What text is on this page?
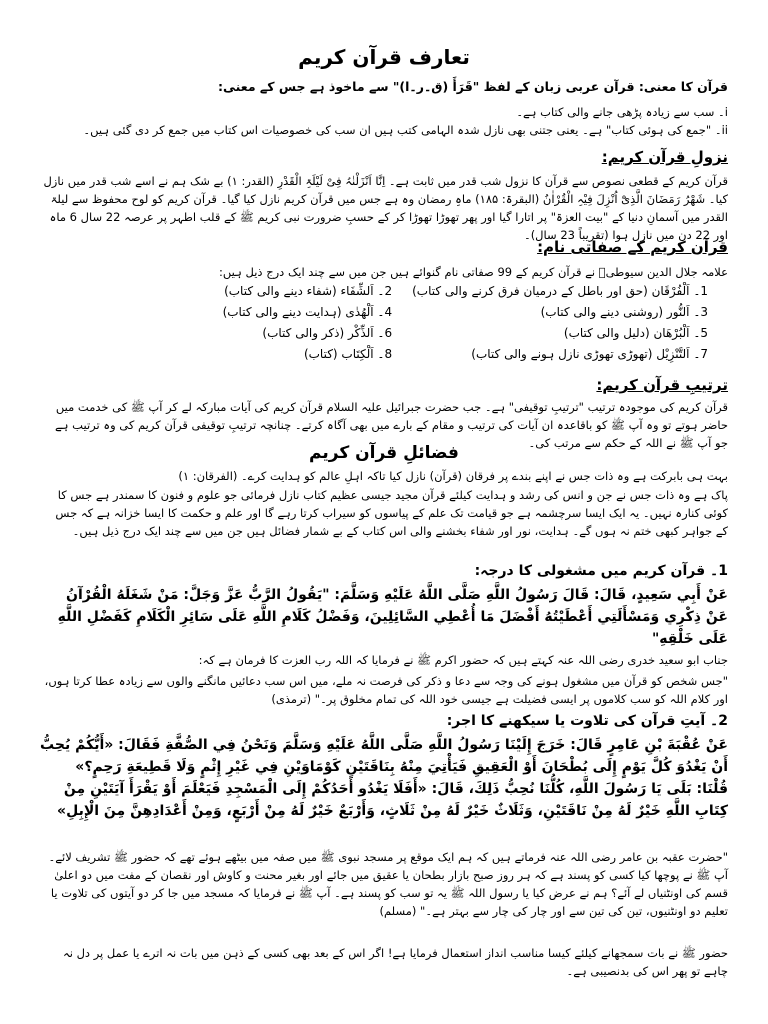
تعارف قرآن کریم
قرآن کا معنی: قرآن عربی زبان کے لفظ "قَرَأَ (ق۔ر۔ا)" سے ماخوذ ہے جس کے معنی:
i۔ سب سے زیادہ پڑھی جانے والی کتاب ہے۔
ii۔ "جمع کی ہوئی کتاب" ہے۔ یعنی جتنی بھی نازل شدہ الہامی کتب ہیں ان سب کی خصوصیات اس کتاب میں جمع کر دی گئی ہیں۔
نزولِ قرآن کریم:
قرآن کریم کے قطعی نصوص سے قرآن کا نزول شب قدر میں ثابت ہے۔ اِنَّا اَنْزَلْنٰہُ فِیْ لَیْلَۃِ الْقَدْرِ (القدر: ۱) بے شک ہم نے اسے شب قدر میں نازل کیا۔ شَھْرُ رَمَضَانَ الَّذِیْٓ اُنْزِلَ فِیْہِ الْقُرْاٰنُ (البقرۃ: ۱۸۵) ماہِ رمضان وہ ہے جس میں قرآن کریم نازل کیا گیا۔ قرآن کریم کو لوح محفوظ سے لیلۃ القدر میں آسمانِ دنیا کے "بیت العزۃ" پر اتارا گیا اور پھر تھوڑا تھوڑا کر کے حسبِ ضرورت نبی کریم ﷺ کے قلب اطہر پر عرصہ 22 سال 6 ماہ اور 22 دن میں نازل ہوا (تقریباً 23 سال)۔
قرآن کریم کے صفاتی نام:
علامہ جلال الدین سیوطیؒ نے قرآن کریم کے 99 صفاتی نام گنوائے ہیں جن میں سے چند ایک درج ذیل ہیں:
1۔ اَلْفُرْقَان (حق اور باطل کے درمیان فرق کرنے والی کتاب)
2۔ اَلشِّفَاء (شفاء دینے والی کتاب)
3۔ اَلنُّور (روشنی دینے والی کتاب)
4۔ اَلْھُدٰی (ہدایت دینے والی کتاب)
5۔ اَلْبُرْھَان (دلیل والی کتاب)
6۔ اَلذِّکْر (ذکر والی کتاب)
7۔ اَلتَّنْزِیْل (تھوڑی تھوڑی نازل ہونے والی کتاب)
8۔ اَلْکِتَاب (کتاب)
ترتیبِ قرآن کریم:
قرآن کریم کی موجودہ ترتیب "ترتیبِ توقیفی" ہے۔ جب حضرت جبرائیل علیہ السلام قرآن کریم کی آیات مبارکہ لے کر آپ ﷺ کی خدمت میں حاضر ہوتے تو وہ آپ ﷺ کو باقاعدہ ان آیات کی ترتیب و مقام کے بارے میں بھی آگاہ کرتے۔ چنانچہ ترتیبِ توقیفی قرآن کریم کی وہ ترتیب ہے جو آپ ﷺ نے اللہ کے حکم سے مرتب کی۔
فضائلِ قرآن کریم
بہت ہی بابرکت ہے وہ ذات جس نے اپنے بندے پر فرقان (قرآن) نازل کیا تاکہ اہلِ عالم کو ہدایت کرے۔ (الفرقان: ۱)
پاک ہے وہ ذات جس نے جن و انس کی رشد و ہدایت کیلئے قرآن مجید جیسی عظیم کتاب نازل فرمائی جو علوم و فنون کا سمندر ہے جس کا کوئی کنارہ نہیں۔ یہ ایک ایسا سرچشمہ ہے جو قیامت تک علم کے پیاسوں کو سیراب کرتا رہے گا اور علم و حکمت کا ایسا خزانہ ہے کہ جس کے جواہر کبھی ختم نہ ہوں گے۔ ہدایت، نور اور شفاء بخشنے والی اس کتاب کے بے شمار فضائل ہیں جن میں سے چند ایک درج ذیل ہیں۔
1۔ قرآن کریم میں مشغولی کا درجہ:
عَنْ أَبِي سَعِيدٍ، قَالَ: قَالَ رَسُولُ اللَّهِ صَلَّى اللَّهُ عَلَيْهِ وَسَلَّمَ: "يَقُولُ الرَّبُّ عَزَّ وَجَلَّ: مَنْ شَغَلَهُ الْقُرْآنُ عَنْ ذِكْرِي وَمَسْأَلَتِي أَعْطَيْتُهُ أَفْضَلَ مَا أُعْطِي السَّائِلِينَ، وَفَضْلُ كَلَامِ اللَّهِ عَلَى سَائِرِ الْكَلَامِ كَفَضْلِ اللَّهِ عَلَى خَلْقِهِ"
جناب ابو سعید خدری رضی اللہ عنہ کہتے ہیں کہ حضور اکرم ﷺ نے فرمایا کہ اللہ رب العزت کا فرمان ہے کہ:
"جس شخص کو قرآن میں مشغول ہونے کی وجہ سے دعا و ذکر کی فرصت نہ ملے، میں اس سب دعائیں مانگنے والوں سے زیادہ عطا کرتا ہوں، اور کلام اللہ کو سب کلاموں پر ایسی فضیلت ہے جیسی خود اللہ کی تمام مخلوق پر۔" (ترمذی)
2۔ آیتِ قرآن کی تلاوت یا سیکھنے کا اجر:
عَنْ عُقْبَةَ بْنِ عَامِرٍ قَالَ: خَرَجَ إِلَيْنَا رَسُولُ اللَّهِ صَلَّى اللَّهُ عَلَيْهِ وَسَلَّمَ وَنَحْنُ فِي الصُّفَّةِ فَقَالَ: «أَيُّكُمْ يُحِبُّ أَنْ يَغْدُوَ كُلَّ يَوْمٍ إِلَى بُطْحَانَ أَوْ الْعَقِيقِ فَيَأْتِيَ مِنْهُ بِنَاقَتَيْنِ كَوْمَاوَيْنِ فِي غَيْرِ إِثْمٍ وَلَا قَطِيعَةِ رَحِمٍ؟» قُلْنَا: بَلَى يَا رَسُولَ اللَّهِ، كُلُّنَا نُحِبُّ ذَلِكَ، قَالَ: «أَفَلَا يَغْدُو أَحَدُكُمْ إِلَى الْمَسْجِدِ فَيَعْلَمَ أَوْ يَقْرَأَ آيَتَيْنِ مِنْ كِتَابِ اللَّهِ خَيْرٌ لَهُ مِنْ نَاقَتَيْنِ، وَثَلَاثٌ خَيْرٌ لَهُ مِنْ ثَلَاثٍ، وَأَرْبَعٌ خَيْرٌ لَهُ مِنْ أَرْبَعٍ، وَمِنْ أَعْدَادِهِنَّ مِنَ الْإِبِلِ»
"حضرت عقبہ بن عامر رضی اللہ عنہ فرماتے ہیں کہ ہم ایک موقع پر مسجد نبوی ﷺ میں صفہ میں بیٹھے ہوئے تھے کہ حضور ﷺ تشریف لائے۔ آپ ﷺ نے پوچھا کیا کسی کو پسند ہے کہ ہر روز صبح بازار بطحان یا عقیق میں جائے اور بغیر محنت و کاوش اور نقصان کے مفت میں دو اعلیٰ قسم کی اونٹنیاں لے آئے؟ ہم نے عرض کیا یا رسول اللہ ﷺ یہ تو سب کو پسند ہے۔ آپ ﷺ نے فرمایا کہ مسجد میں جا کر دو آیتوں کی تلاوت یا تعلیم دو اونٹنیوں، تین کی تین سے اور چار کی چار سے بہتر ہے۔" (مسلم)
حضور ﷺ نے بات سمجھانے کیلئے کیسا مناسب انداز استعمال فرمایا ہے! اگر اس کے بعد بھی کسی کے ذہن میں بات نہ اترے یا عمل پر دل نہ چاہے تو پھر اس کی بدنصیبی ہے۔
